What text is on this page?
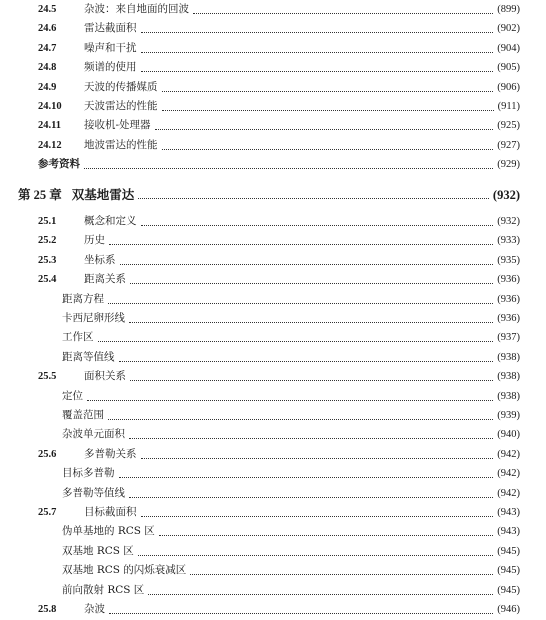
24.5	杂波：来自地面的回波	(899)
24.6	雷达截面积	(902)
24.7	噪声和干扰	(904)
24.8	频谱的使用	(905)
24.9	天波的传播媒质	(906)
24.10	天波雷达的性能	(911)
24.11	接收机-处理器	(925)
24.12	地波雷达的性能	(927)
参考资料	(929)
第 25 章 双基地雷达	(932)
25.1	概念和定义	(932)
25.2	历史	(933)
25.3	坐标系	(935)
25.4	距离关系	(936)
距离方程	(936)
卡西尼卵形线	(936)
工作区	(937)
距离等值线	(938)
25.5	面积关系	(938)
定位	(938)
覆盖范围	(939)
杂波单元面积	(940)
25.6	多普勒关系	(942)
目标多普勒	(942)
多普勒等值线	(942)
25.7	目标截面积	(943)
伪单基地的 RCS 区	(943)
双基地 RCS 区	(945)
双基地 RCS 的闪烁衰减区	(945)
前向散射 RCS 区	(945)
25.8	杂波	(946)
